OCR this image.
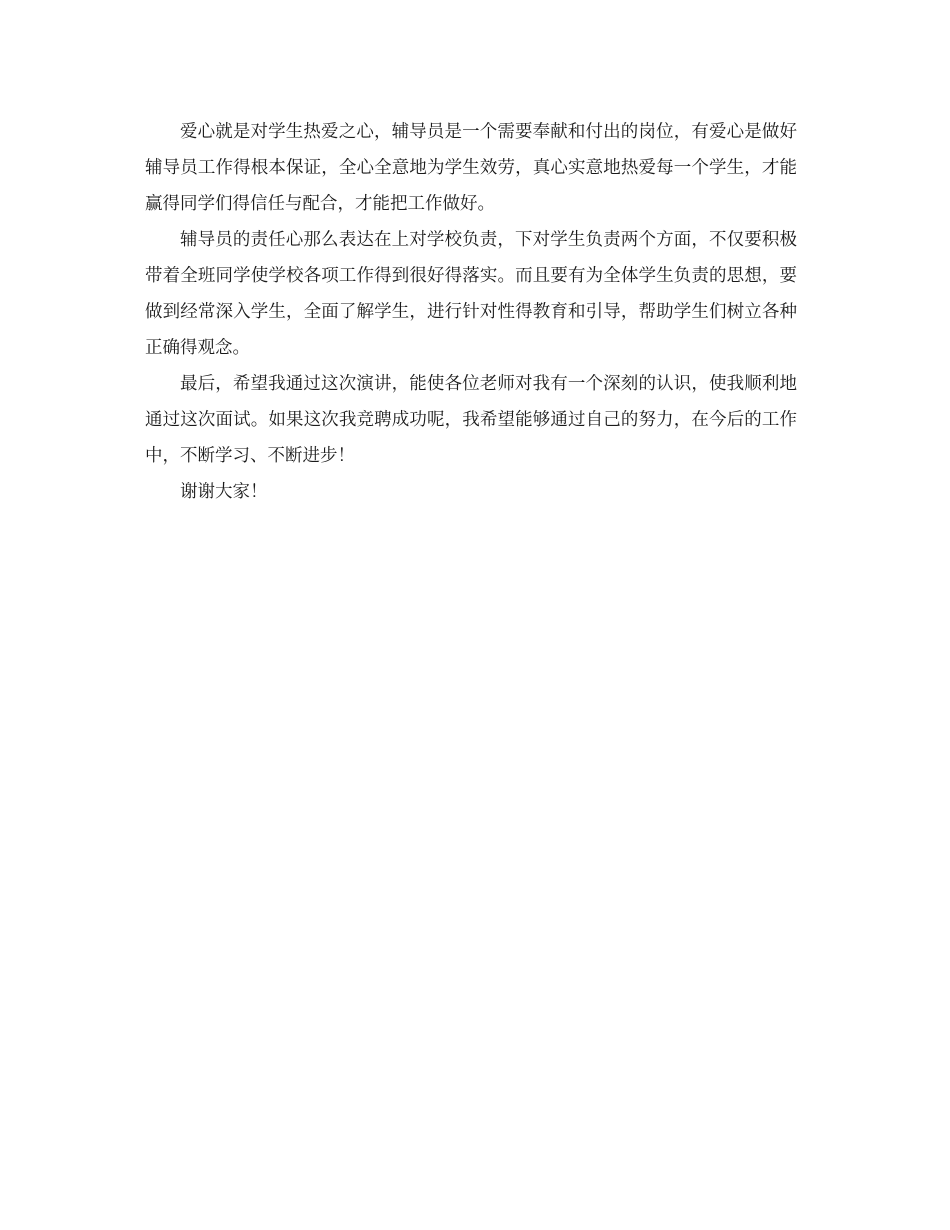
爱心就是对学生热爱之心，辅导员是一个需要奉献和付出的岗位，有爱心是做好辅导员工作得根本保证，全心全意地为学生效劳，真心实意地热爱每一个学生，才能赢得同学们得信任与配合，才能把工作做好。

辅导员的责任心那么表达在上对学校负责，下对学生负责两个方面，不仅要积极带着全班同学使学校各项工作得到很好得落实。而且要有为全体学生负责的思想，要做到经常深入学生，全面了解学生，进行针对性得教育和引导，帮助学生们树立各种正确得观念。

最后，希望我通过这次演讲，能使各位老师对我有一个深刻的认识，使我顺利地通过这次面试。如果这次我竞聘成功呢，我希望能够通过自己的努力，在今后的工作中，不断学习、不断进步！

谢谢大家！
